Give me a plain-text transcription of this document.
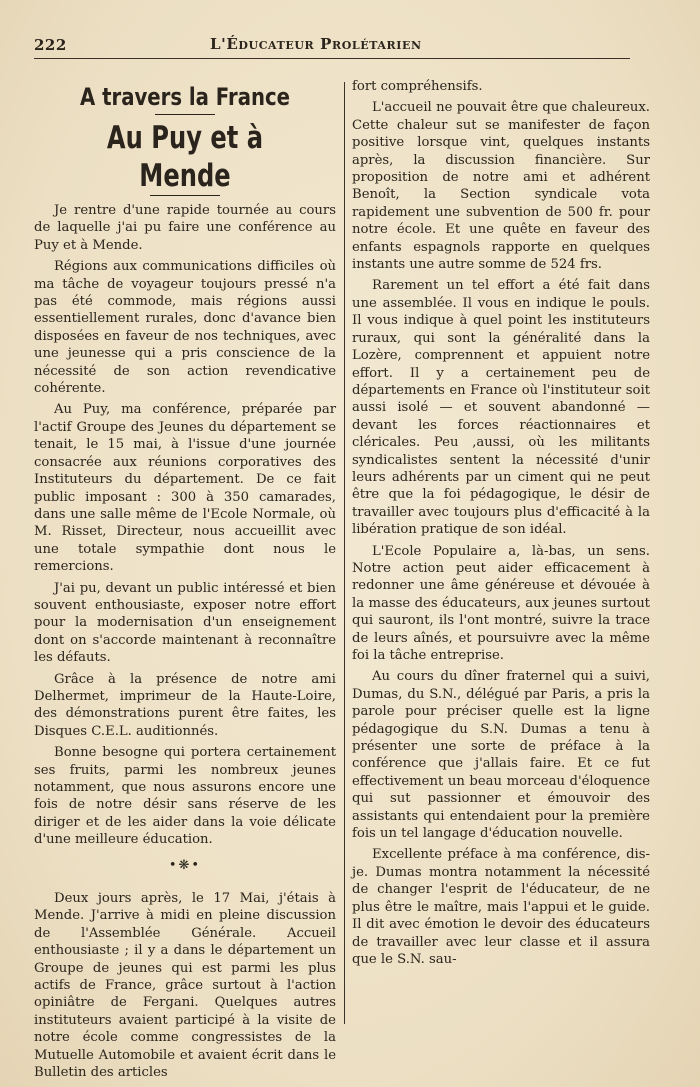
222	L'Éducateur Prolétarien
A travers la France
Au Puy et à Mende

Je rentre d'une rapide tournée au cours de laquelle j'ai pu faire une conférence au Puy et à Mende.

Régions aux communications difficiles où ma tâche de voyageur toujours pressé n'a pas été commode, mais régions aussi essentiellement rurales, donc d'avance bien disposées en faveur de nos techniques, avec une jeunesse qui a pris conscience de la nécessité de son action revendicative cohérente.

Au Puy, ma conférence, préparée par l'actif Groupe des Jeunes du département se tenait, le 15 mai, à l'issue d'une journée consacrée aux réunions corporatives des Instituteurs du département. De ce fait public imposant : 300 à 350 camarades, dans une salle même de l'Ecole Normale, où M. Risset, Directeur, nous accueillit avec une totale sympathie dont nous le remercions.

J'ai pu, devant un public intéressé et bien souvent enthousiaste, exposer notre effort pour la modernisation d'un enseignement dont on s'accorde maintenant à reconnaître les défauts.

Grâce à la présence de notre ami Delhermet, imprimeur de la Haute-Loire, des démonstrations purent être faites, les Disques C.E.L. auditionnés.

Bonne besogne qui portera certainement ses fruits, parmi les nombreux jeunes notamment, que nous assurons encore une fois de notre désir sans réserve de les diriger et de les aider dans la voie délicate d'une meilleure éducation.

•❋•

Deux jours après, le 17 Mai, j'étais à Mende. J'arrive à midi en pleine discussion de l'Assemblée Générale. Accueil enthousiaste ; il y a dans le département un Groupe de jeunes qui est parmi les plus actifs de France, grâce surtout à l'action opiniâtre de Fergani. Quelques autres instituteurs avaient participé à la visite de notre école comme congressistes de la Mutuelle Automobile et avaient écrit dans le Bulletin des articles

fort compréhensifs.

L'accueil ne pouvait être que chaleureux. Cette chaleur sut se manifester de façon positive lorsque vint, quelques instants après, la discussion financière. Sur proposition de notre ami et adhérent Benoît, la Section syndicale vota rapidement une subvention de 500 fr. pour notre école. Et une quête en faveur des enfants espagnols rapporte en quelques instants une autre somme de 524 frs.

Rarement un tel effort a été fait dans une assemblée. Il vous en indique le pouls. Il vous indique à quel point les instituteurs ruraux, qui sont la généralité dans la Lozère, comprennent et appuient notre effort. Il y a certainement peu de départements en France où l'instituteur soit aussi isolé — et souvent abandonné — devant les forces réactionnaires et cléricales. Peu ,aussi, où les militants syndicalistes sentent la nécessité d'unir leurs adhérents par un ciment qui ne peut être que la foi pédagogique, le désir de travailler avec toujours plus d'efficacité à la libération pratique de son idéal.

L'Ecole Populaire a, là-bas, un sens. Notre action peut aider efficacement à redonner une âme généreuse et dévouée à la masse des éducateurs, aux jeunes surtout qui sauront, ils l'ont montré, suivre la trace de leurs aînés, et poursuivre avec la même foi la tâche entreprise.

Au cours du dîner fraternel qui a suivi, Dumas, du S.N., délégué par Paris, a pris la parole pour préciser quelle est la ligne pédagogique du S.N. Dumas a tenu à présenter une sorte de préface à la conférence que j'allais faire. Et ce fut effectivement un beau morceau d'éloquence qui sut passionner et émouvoir des assistants qui entendaient pour la première fois un tel langage d'éducation nouvelle.

Excellente préface à ma conférence, dis-je. Dumas montra notamment la nécessité de changer l'esprit de l'éducateur, de ne plus être le maître, mais l'appui et le guide. Il dit avec émotion le devoir des éducateurs de travailler avec leur classe et il assura que le S.N. sau-
